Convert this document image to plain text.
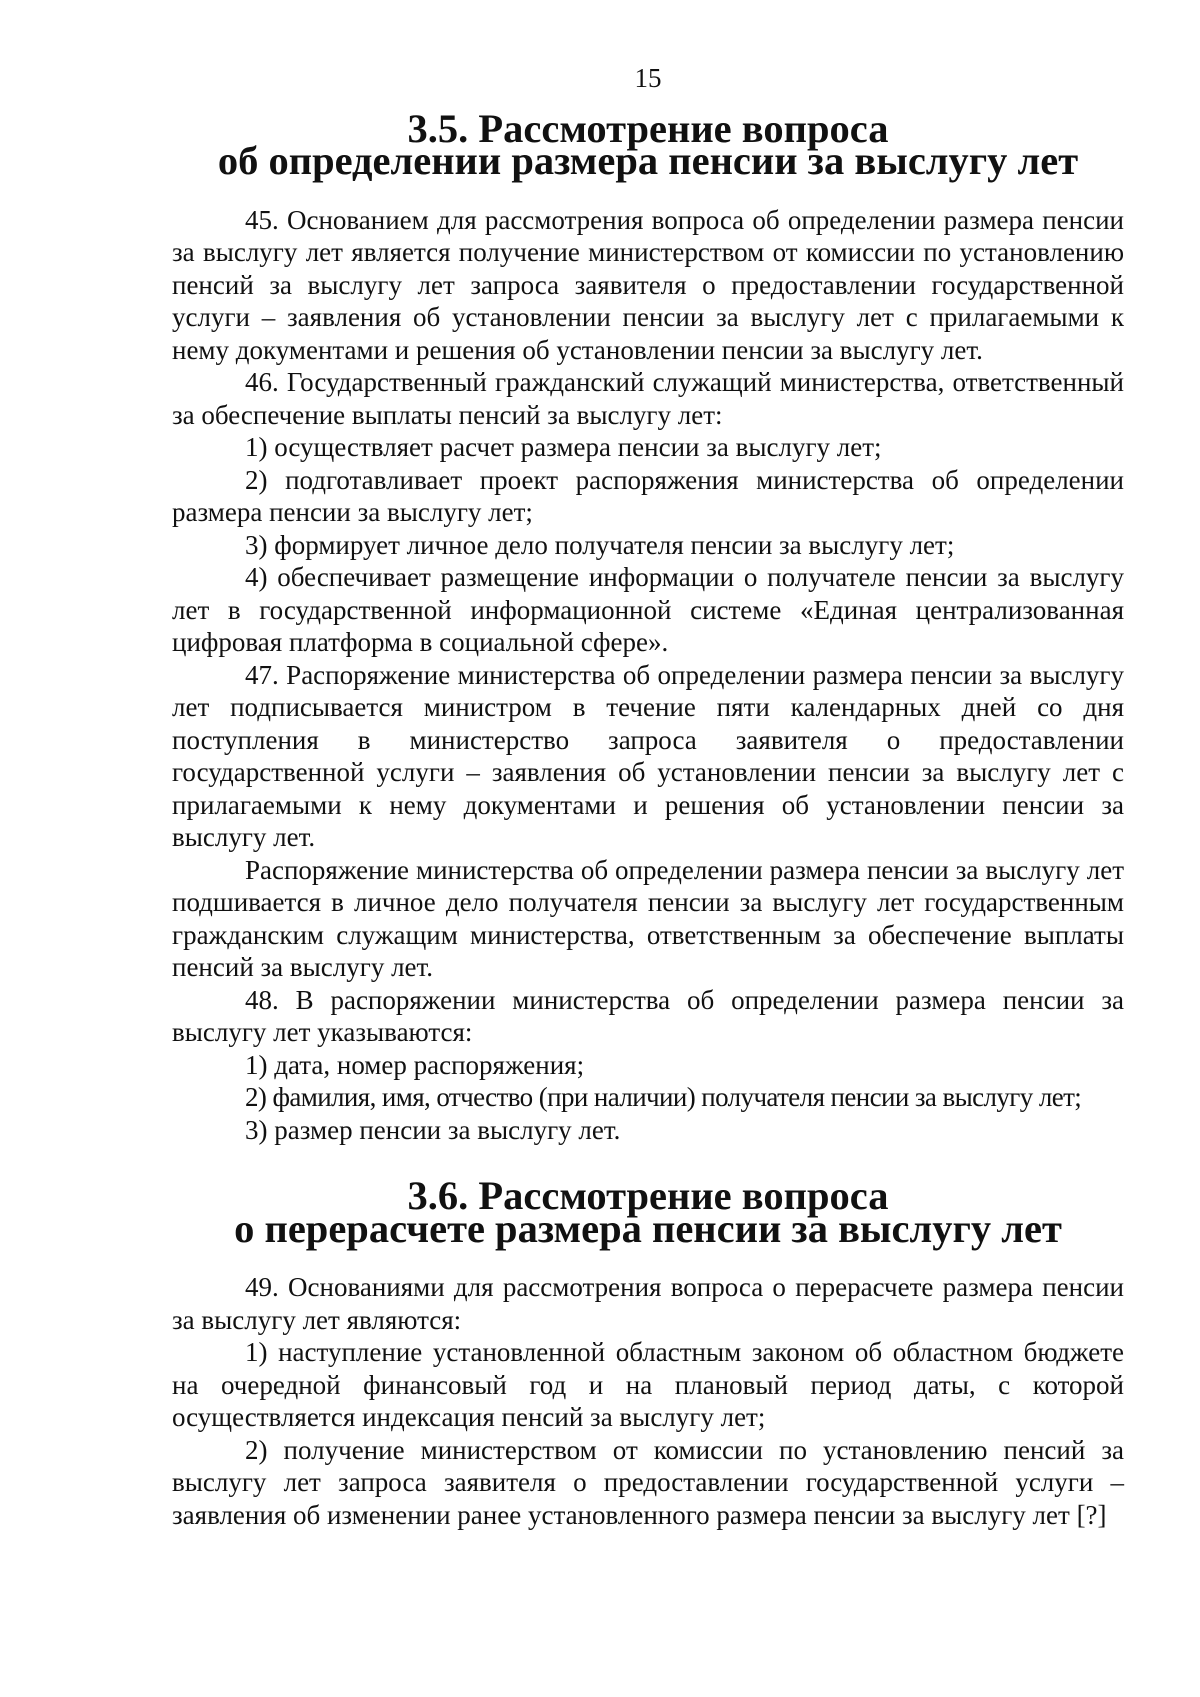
15
3.5. Рассмотрение вопроса
об определении размера пенсии за выслугу лет

45. Основанием для рассмотрения вопроса об определении размера пенсии за выслугу лет является получение министерством от комиссии по установлению пенсий за выслугу лет запроса заявителя о предоставлении государственной услуги – заявления об установлении пенсии за выслугу лет с прилагаемыми к нему документами и решения об установлении пенсии за выслугу лет.

46. Государственный гражданский служащий министерства, ответственный за обеспечение выплаты пенсий за выслугу лет:

1) осуществляет расчет размера пенсии за выслугу лет;

2) подготавливает проект распоряжения министерства об определении размера пенсии за выслугу лет;

3) формирует личное дело получателя пенсии за выслугу лет;

4) обеспечивает размещение информации о получателе пенсии за выслугу лет в государственной информационной системе «Единая централизованная цифровая платформа в социальной сфере».

47. Распоряжение министерства об определении размера пенсии за выслугу лет подписывается министром в течение пяти календарных дней со дня поступления в министерство запроса заявителя о предоставлении государственной услуги – заявления об установлении пенсии за выслугу лет с прилагаемыми к нему документами и решения об установлении пенсии за выслугу лет.

Распоряжение министерства об определении размера пенсии за выслугу лет подшивается в личное дело получателя пенсии за выслугу лет государственным гражданским служащим министерства, ответственным за обеспечение выплаты пенсий за выслугу лет.

48. В распоряжении министерства об определении размера пенсии за выслугу лет указываются:

1) дата, номер распоряжения;

2) фамилия, имя, отчество (при наличии) получателя пенсии за выслугу лет;

3) размер пенсии за выслугу лет.

3.6. Рассмотрение вопроса
о перерасчете размера пенсии за выслугу лет

49. Основаниями для рассмотрения вопроса о перерасчете размера пенсии за выслугу лет являются:

1) наступление установленной областным законом об областном бюджете на очередной финансовый год и на плановый период даты, с которой осуществляется индексация пенсий за выслугу лет;

2) получение министерством от комиссии по установлению пенсий за выслугу лет запроса заявителя о предоставлении государственной услуги – заявления об изменении ранее установленного размера пенсии за выслугу лет [?]
